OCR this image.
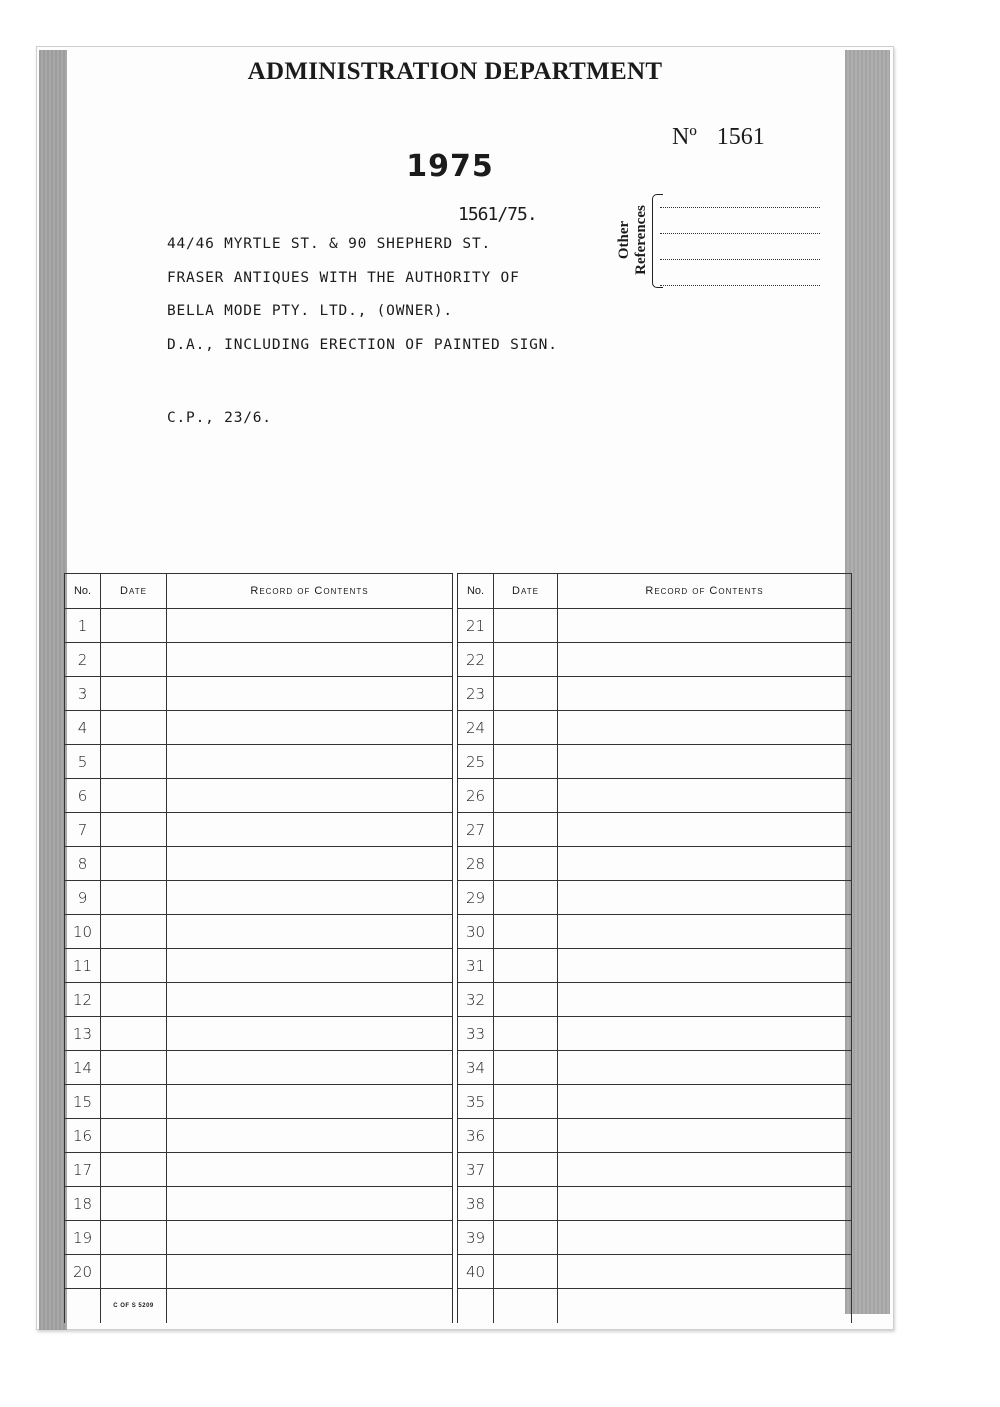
ADMINISTRATION DEPARTMENT
Nº 1561
1975
1561/75.
44/46 MYRTLE ST. & 90 SHEPHERD ST.
FRASER ANTIQUES WITH THE AUTHORITY OF
BELLA MODE PTY. LTD., (OWNER).
D.A., INCLUDING ERECTION OF PAINTED SIGN.
C.P., 23/6.
Other References
No.	Date	Record of Contents		No.	Date	Record of Contents
1				21		
2				22		
3				23		
4				24		
5				25		
6				26		
7				27		
8				28		
9				29		
10				30		
11				31		
12				32		
13				33		
14				34		
15				35		
16				36		
17				37		
18				38		
19				39		
20				40		

	C OF S 5209					
